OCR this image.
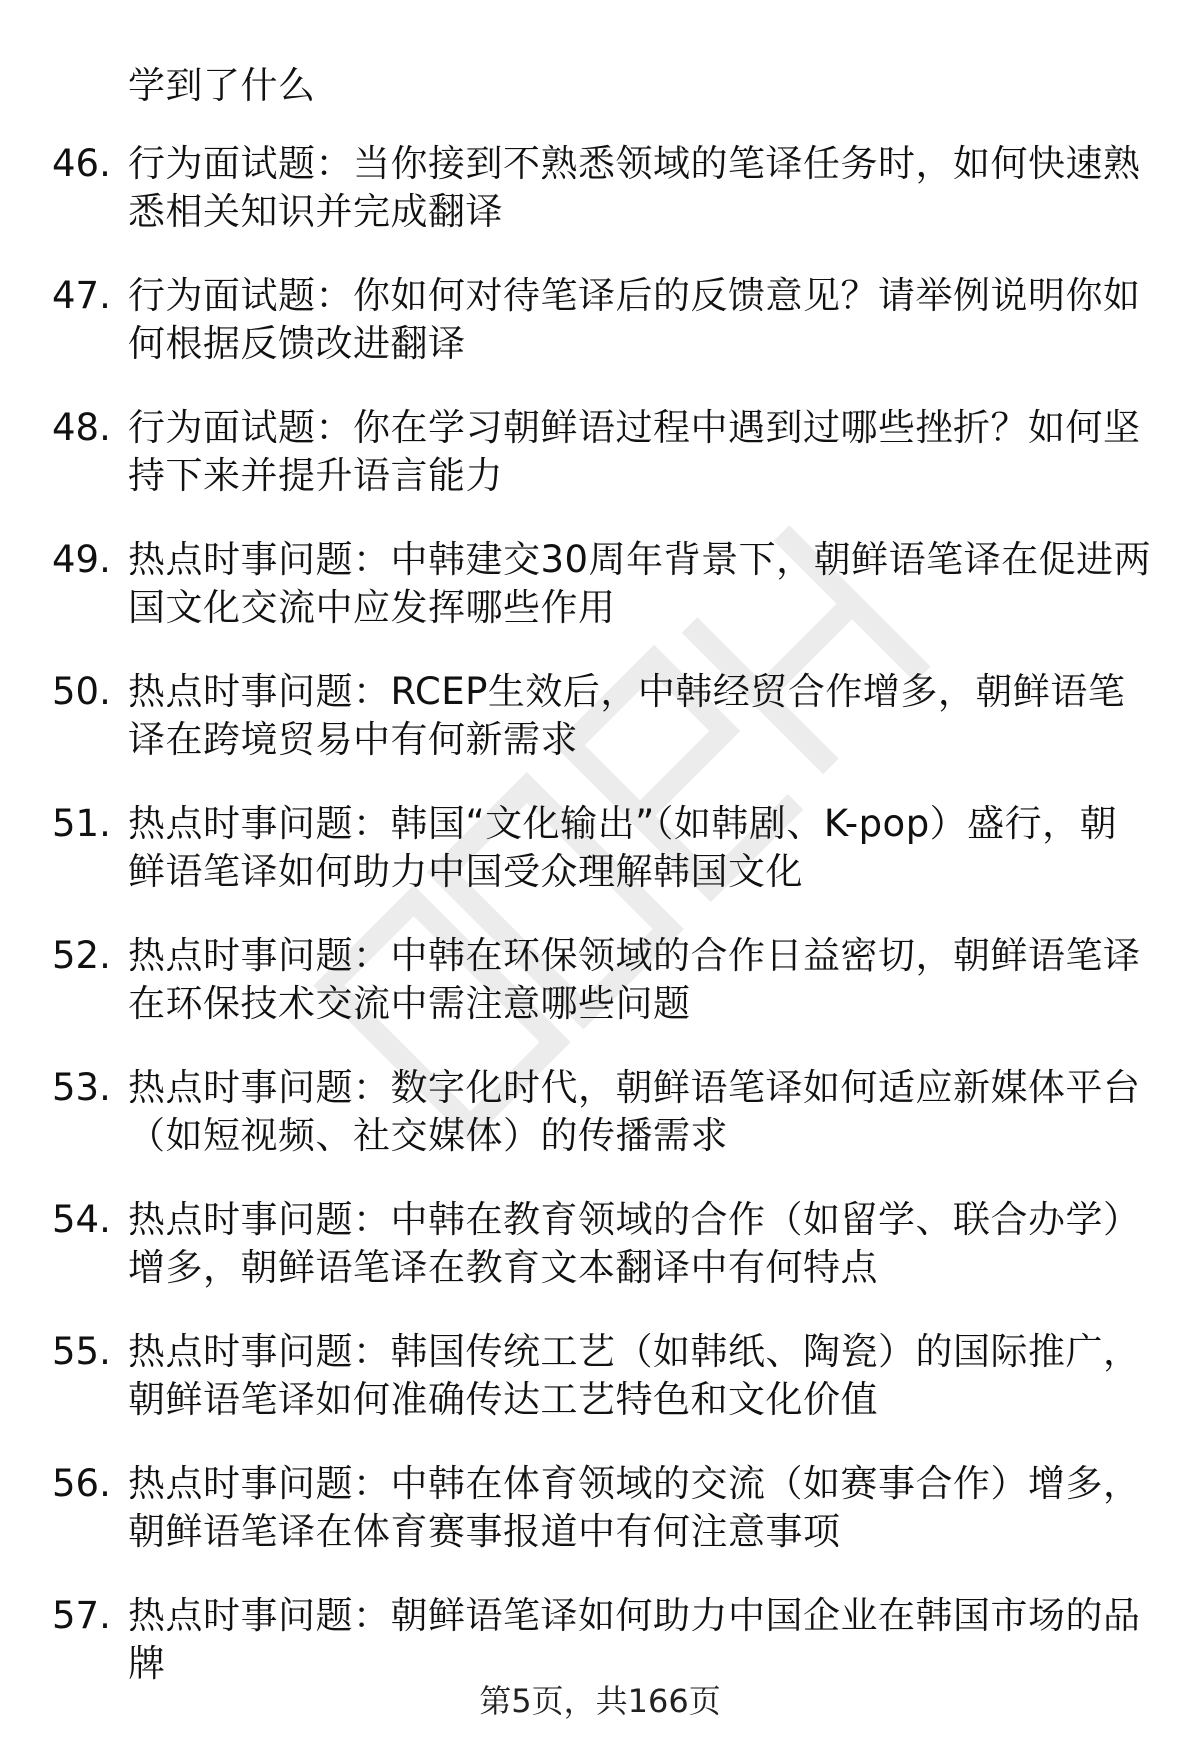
学到了什么
46. 行为面试题：当你接到不熟悉领域的笔译任务时，如何快速熟悉相关知识并完成翻译
47. 行为面试题：你如何对待笔译后的反馈意见？请举例说明你如何根据反馈改进翻译
48. 行为面试题：你在学习朝鲜语过程中遇到过哪些挫折？如何坚持下来并提升语言能力
49. 热点时事问题：中韩建交30周年背景下，朝鲜语笔译在促进两国文化交流中应发挥哪些作用
50. 热点时事问题：RCEP生效后，中韩经贸合作增多，朝鲜语笔译在跨境贸易中有何新需求
51. 热点时事问题：韩国“文化输出”（如韩剧、K-pop）盛行，朝鲜语笔译如何助力中国受众理解韩国文化
52. 热点时事问题：中韩在环保领域的合作日益密切，朝鲜语笔译在环保技术交流中需注意哪些问题
53. 热点时事问题：数字化时代，朝鲜语笔译如何适应新媒体平台（如短视频、社交媒体）的传播需求
54. 热点时事问题：中韩在教育领域的合作（如留学、联合办学）增多，朝鲜语笔译在教育文本翻译中有何特点
55. 热点时事问题：韩国传统工艺（如韩纸、陶瓷）的国际推广，朝鲜语笔译如何准确传达工艺特色和文化价值
56. 热点时事问题：中韩在体育领域的交流（如赛事合作）增多，朝鲜语笔译在体育赛事报道中有何注意事项
57. 热点时事问题：朝鲜语笔译如何助力中国企业在韩国市场的品牌
第5页，共166页
